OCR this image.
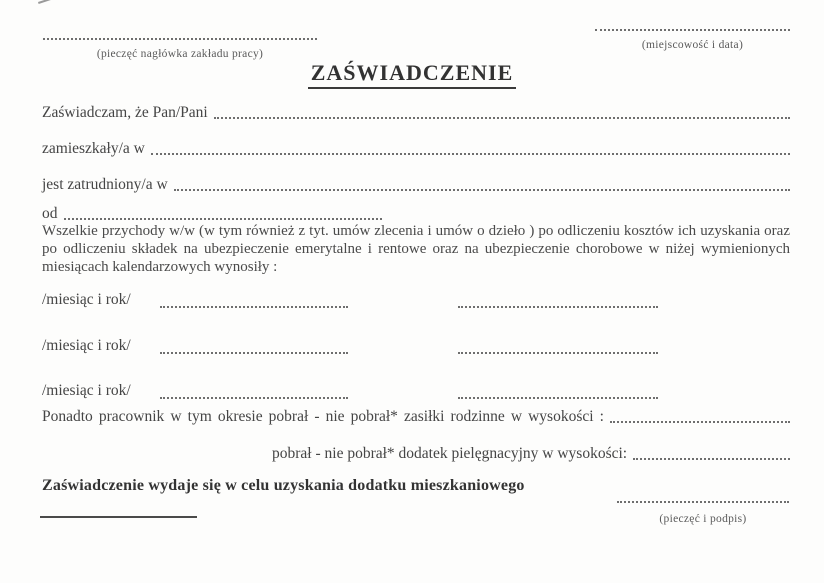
(pieczęć nagłówka zakładu pracy)
(miejscowość i data)
ZAŚWIADCZENIE
Zaświadczam, że Pan/Pani
zamieszkały/a w
jest zatrudniony/a w
od
Wszelkie przychody w/w (w tym również z tyt. umów zlecenia i umów o dzieło ) po odliczeniu kosztów ich uzyskania oraz po odliczeniu składek na ubezpieczenie emerytalne i rentowe oraz na ubezpieczenie chorobowe w niżej wymienionych miesiącach kalendarzowych wynosiły :
/miesiąc i rok/
/miesiąc i rok/
/miesiąc i rok/
Ponadto pracownik w tym okresie pobrał - nie pobrał* zasiłki rodzinne w wysokości :
pobrał - nie pobrał* dodatek pielęgnacyjny w wysokości:
Zaświadczenie wydaje się w celu uzyskania dodatku mieszkaniowego
(pieczęć i podpis)
